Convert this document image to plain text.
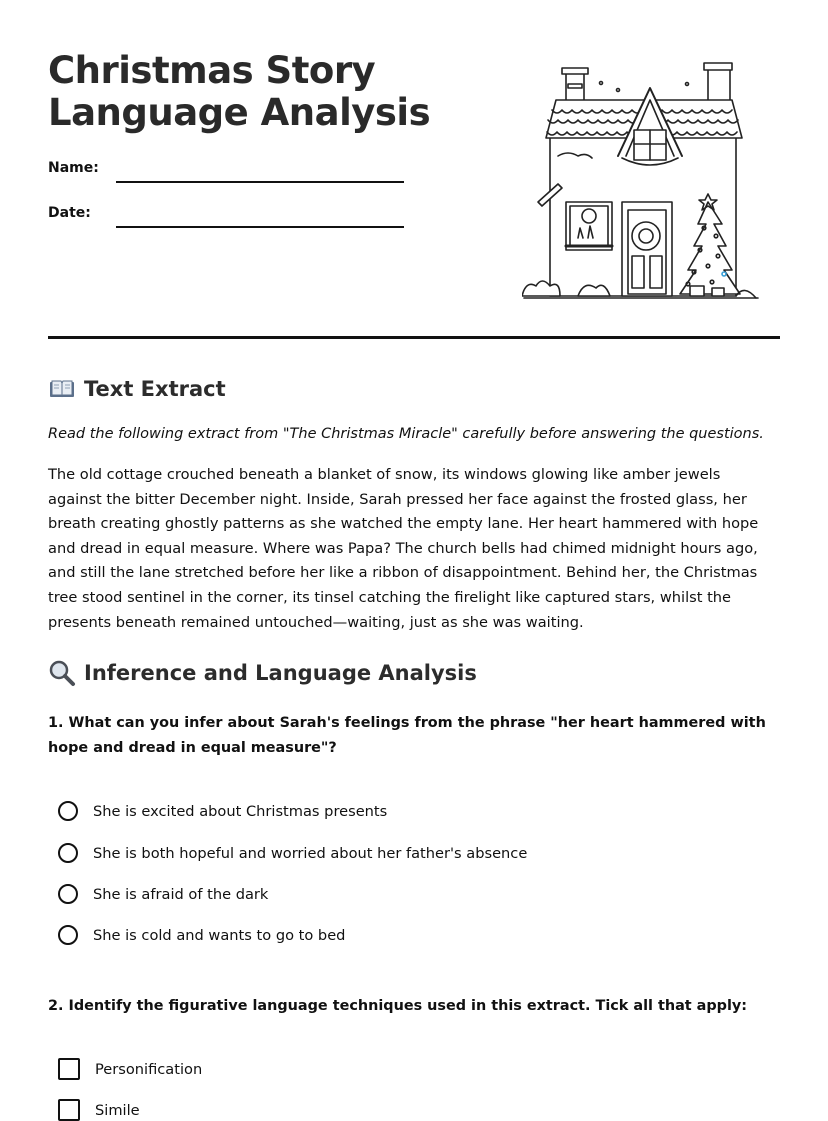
Christmas Story Language Analysis
Name:
Date:
Text Extract
Read the following extract from "The Christmas Miracle" carefully before answering the questions.
The old cottage crouched beneath a blanket of snow, its windows glowing like amber jewels against the bitter December night. Inside, Sarah pressed her face against the frosted glass, her breath creating ghostly patterns as she watched the empty lane. Her heart hammered with hope and dread in equal measure. Where was Papa? The church bells had chimed midnight hours ago, and still the lane stretched before her like a ribbon of disappointment. Behind her, the Christmas tree stood sentinel in the corner, its tinsel catching the firelight like captured stars, whilst the presents beneath remained untouched—waiting, just as she was waiting.
Inference and Language Analysis
1. What can you infer about Sarah's feelings from the phrase "her heart hammered with hope and dread in equal measure"?
She is excited about Christmas presents
She is both hopeful and worried about her father's absence
She is afraid of the dark
She is cold and wants to go to bed
2. Identify the figurative language techniques used in this extract. Tick all that apply:
Personification
Simile
